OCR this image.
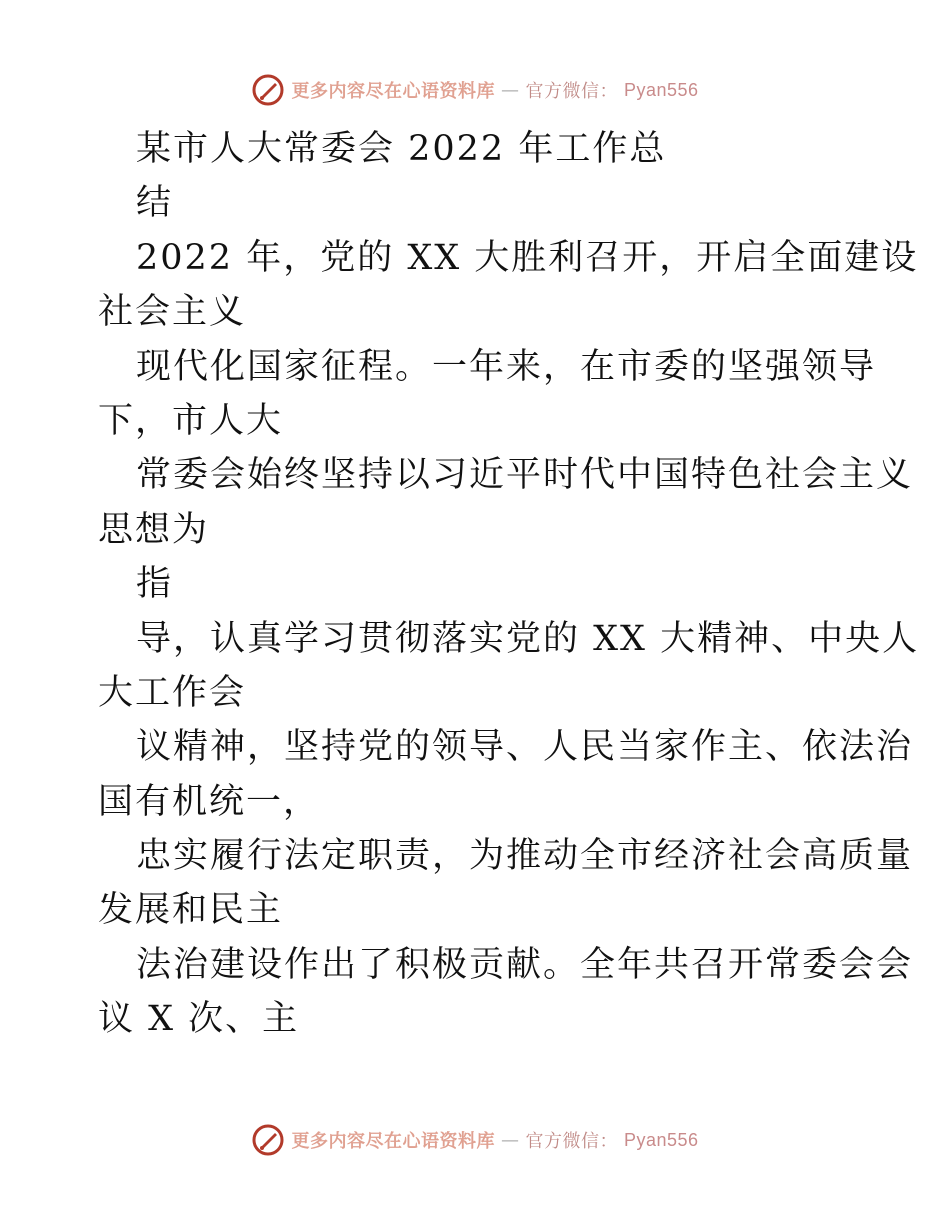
更多内容尽在心语资料库 — 官方微信： Pyan556
某市人大常委会 2022 年工作总
结
2022 年，党的 XX 大胜利召开，开启全面建设
社会主义
现代化国家征程。一年来，在市委的坚强领导
下，市人大
常委会始终坚持以习近平时代中国特色社会主义
思想为
指
导，认真学习贯彻落实党的 XX 大精神、中央人
大工作会
议精神，坚持党的领导、人民当家作主、依法治
国有机统一，
忠实履行法定职责，为推动全市经济社会高质量
发展和民主
法治建设作出了积极贡献。全年共召开常委会会
议 X 次、主
更多内容尽在心语资料库 — 官方微信： Pyan556
